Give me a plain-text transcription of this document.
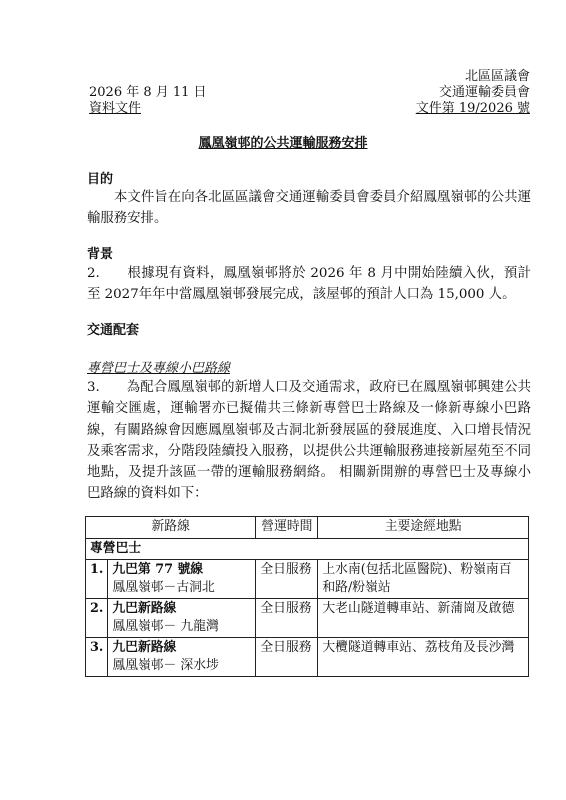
北區區議會
2026 年 8 月 11 日	交通運輸委員會
資料文件	文件第 19/2026 號
鳳凰嶺邨的公共運輸服務安排
目的
　　本文件旨在向各北區區議會交通運輸委員會委員介紹鳳凰嶺邨的公共運輸服務安排。
背景
2.　　根據現有資料，鳳凰嶺邨將於 2026 年 8 月中開始陸續入伙，預計至 2027年年中當鳳凰嶺邨發展完成，該屋邨的預計人口為 15,000 人。
交通配套
專營巴士及專線小巴路線
3.　　為配合鳳凰嶺邨的新增人口及交通需求，政府已在鳳凰嶺邨興建公共運輸交匯處，運輸署亦已擬備共三條新專營巴士路線及一條新專線小巴路線，有關路線會因應鳳凰嶺邨及古洞北新發展區的發展進度、入口增長情況及乘客需求，分階段陸續投入服務，以提供公共運輸服務連接新屋苑至不同地點，及提升該區一帶的運輸服務網絡。 相關新開辦的專營巴士及專線小巴路線的資料如下：
新路線		營運時間	主要途經地點
專營巴士			
1.	九巴第 77 號線
鳳凰嶺邨－古洞北	全日服務	上水南(包括北區醫院)、粉嶺南百和路/粉嶺站
2.	九巴新路線
鳳凰嶺邨－ 九龍灣	全日服務	大老山隧道轉車站、新蒲崗及啟德
3.	九巴新路線
鳳凰嶺邨－ 深水埗	全日服務	大欖隧道轉車站、荔枝角及長沙灣
